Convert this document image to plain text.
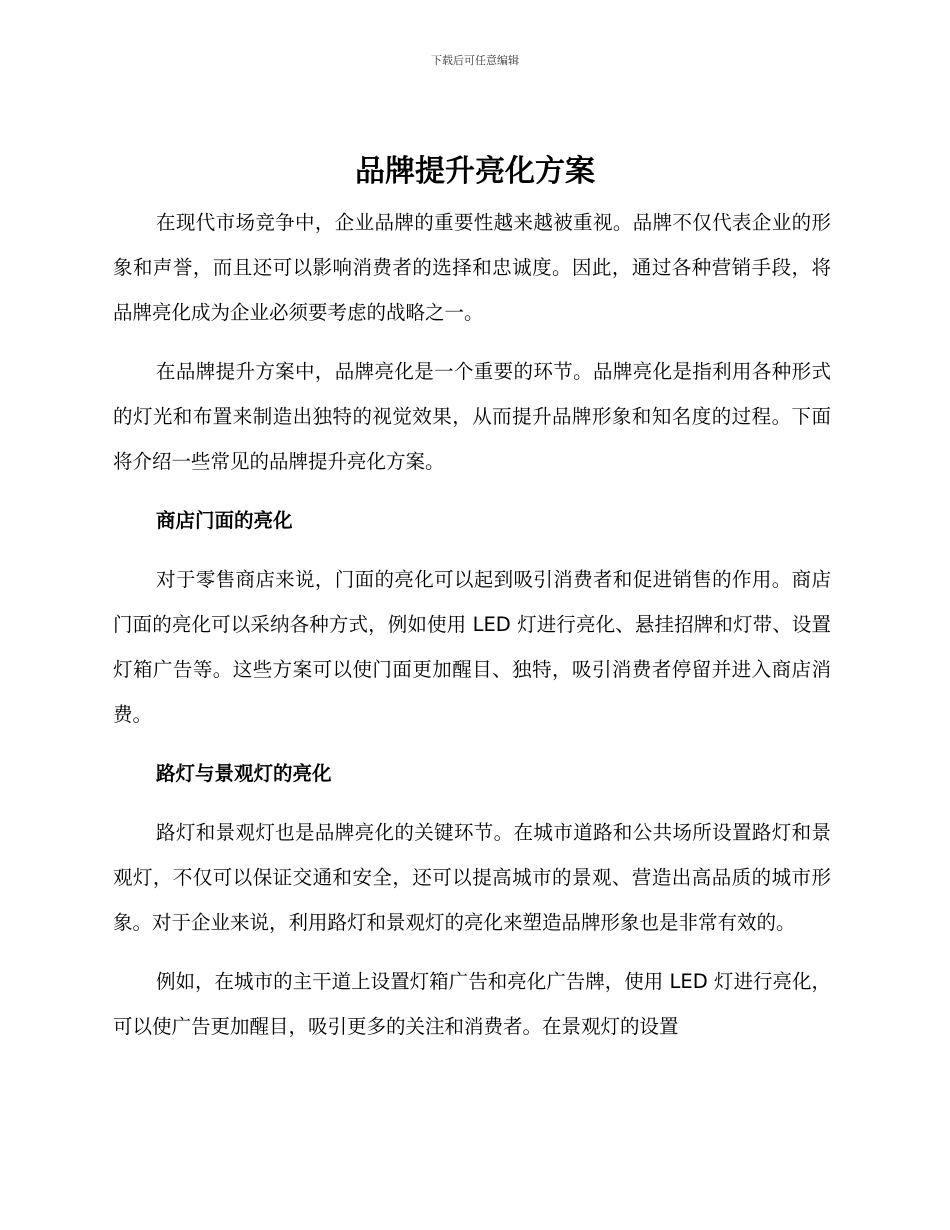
下载后可任意编辑
品牌提升亮化方案

在现代市场竞争中，企业品牌的重要性越来越被重视。品牌不仅代表企业的形象和声誉，而且还可以影响消费者的选择和忠诚度。因此，通过各种营销手段，将品牌亮化成为企业必须要考虑的战略之一。

在品牌提升方案中，品牌亮化是一个重要的环节。品牌亮化是指利用各种形式的灯光和布置来制造出独特的视觉效果，从而提升品牌形象和知名度的过程。下面将介绍一些常见的品牌提升亮化方案。

商店门面的亮化

对于零售商店来说，门面的亮化可以起到吸引消费者和促进销售的作用。商店门面的亮化可以采纳各种方式，例如使用 LED 灯进行亮化、悬挂招牌和灯带、设置灯箱广告等。这些方案可以使门面更加醒目、独特，吸引消费者停留并进入商店消费。

路灯与景观灯的亮化

路灯和景观灯也是品牌亮化的关键环节。在城市道路和公共场所设置路灯和景观灯，不仅可以保证交通和安全，还可以提高城市的景观、营造出高品质的城市形象。对于企业来说，利用路灯和景观灯的亮化来塑造品牌形象也是非常有效的。

例如，在城市的主干道上设置灯箱广告和亮化广告牌，使用 LED 灯进行亮化，可以使广告更加醒目，吸引更多的关注和消费者。在景观灯的设置
